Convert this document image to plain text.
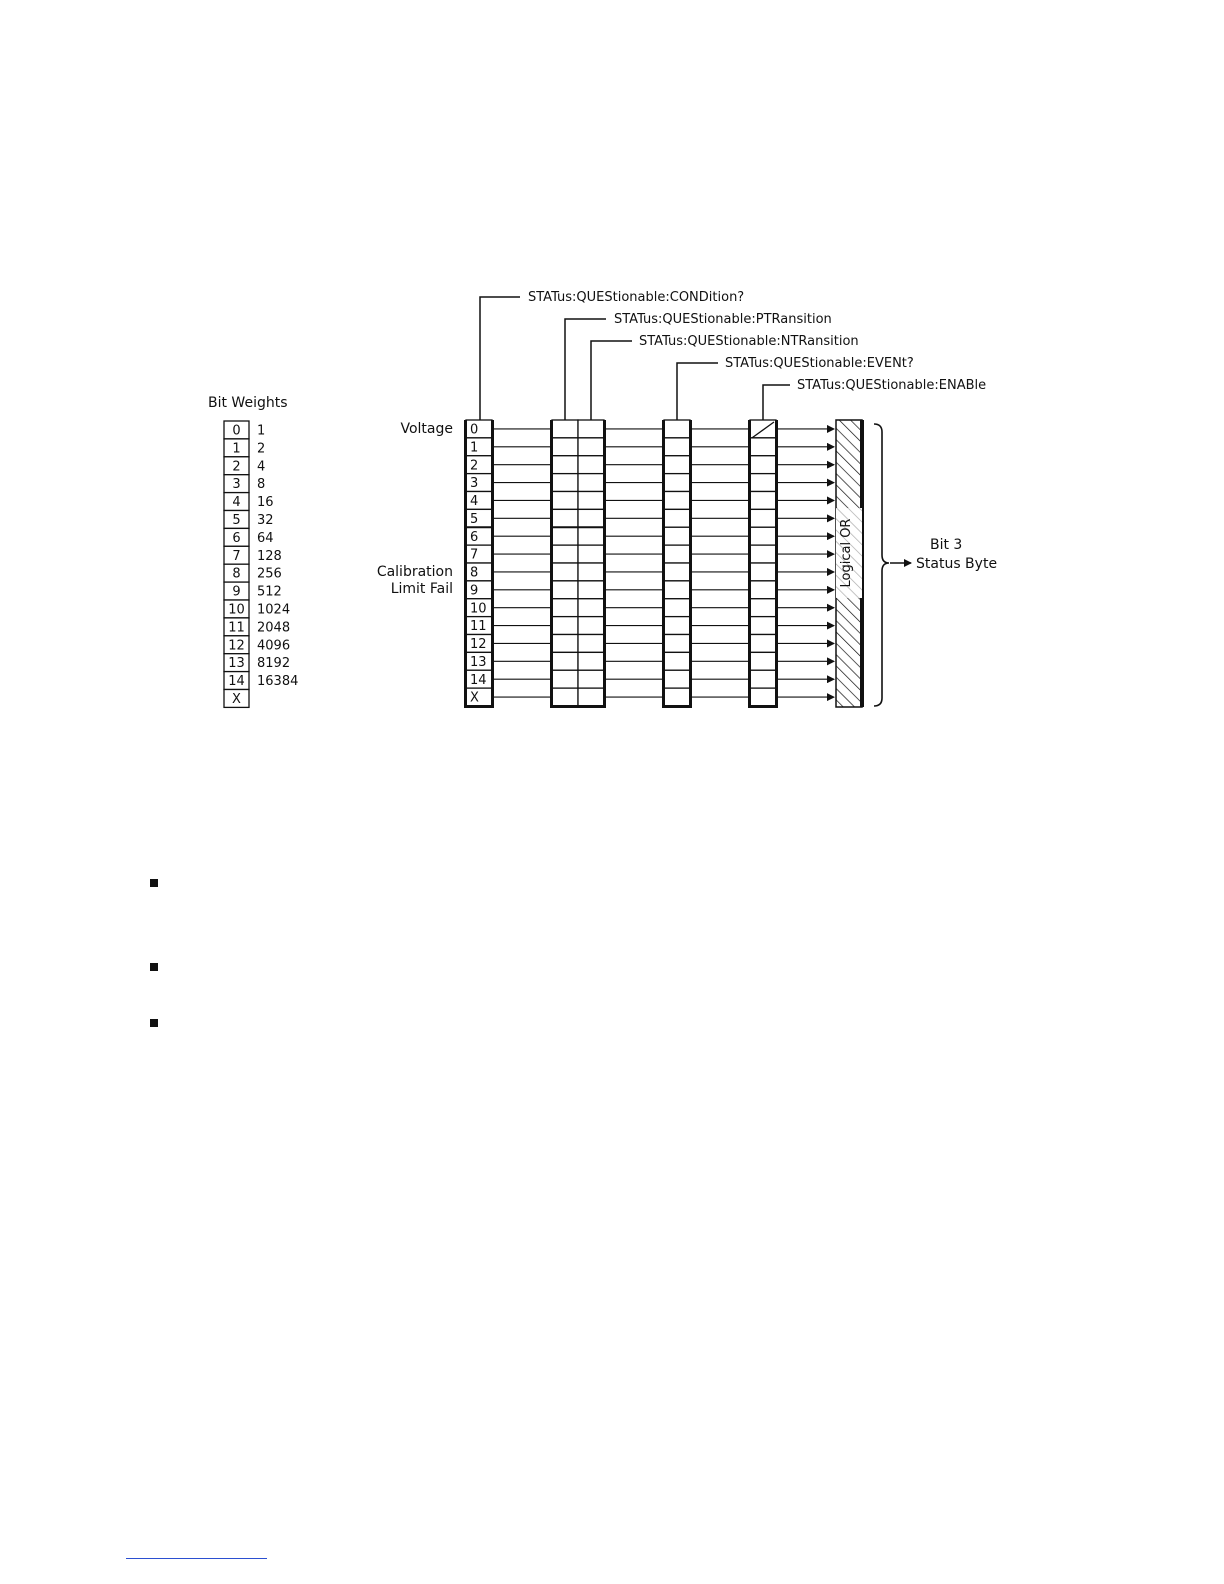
Bit Weights
0 1
1 2
2 4
3 8
4 16
5 32
6 64
7 128
8 256
9 512
10 1024
11 2048
12 4096
13 8192
14 16384
X
STATus:QUEStionable:CONDition?
STATus:QUEStionable:PTRansition
STATus:QUEStionable:NTRansition
STATus:QUEStionable:EVENt?
STATus:QUEStionable:ENABle
Voltage
Calibration
Limit Fail
0
1
2
3
4
5
6
7
8
9
10
11
12
13
14
X
Logical OR	Bit 3
Status Byte
